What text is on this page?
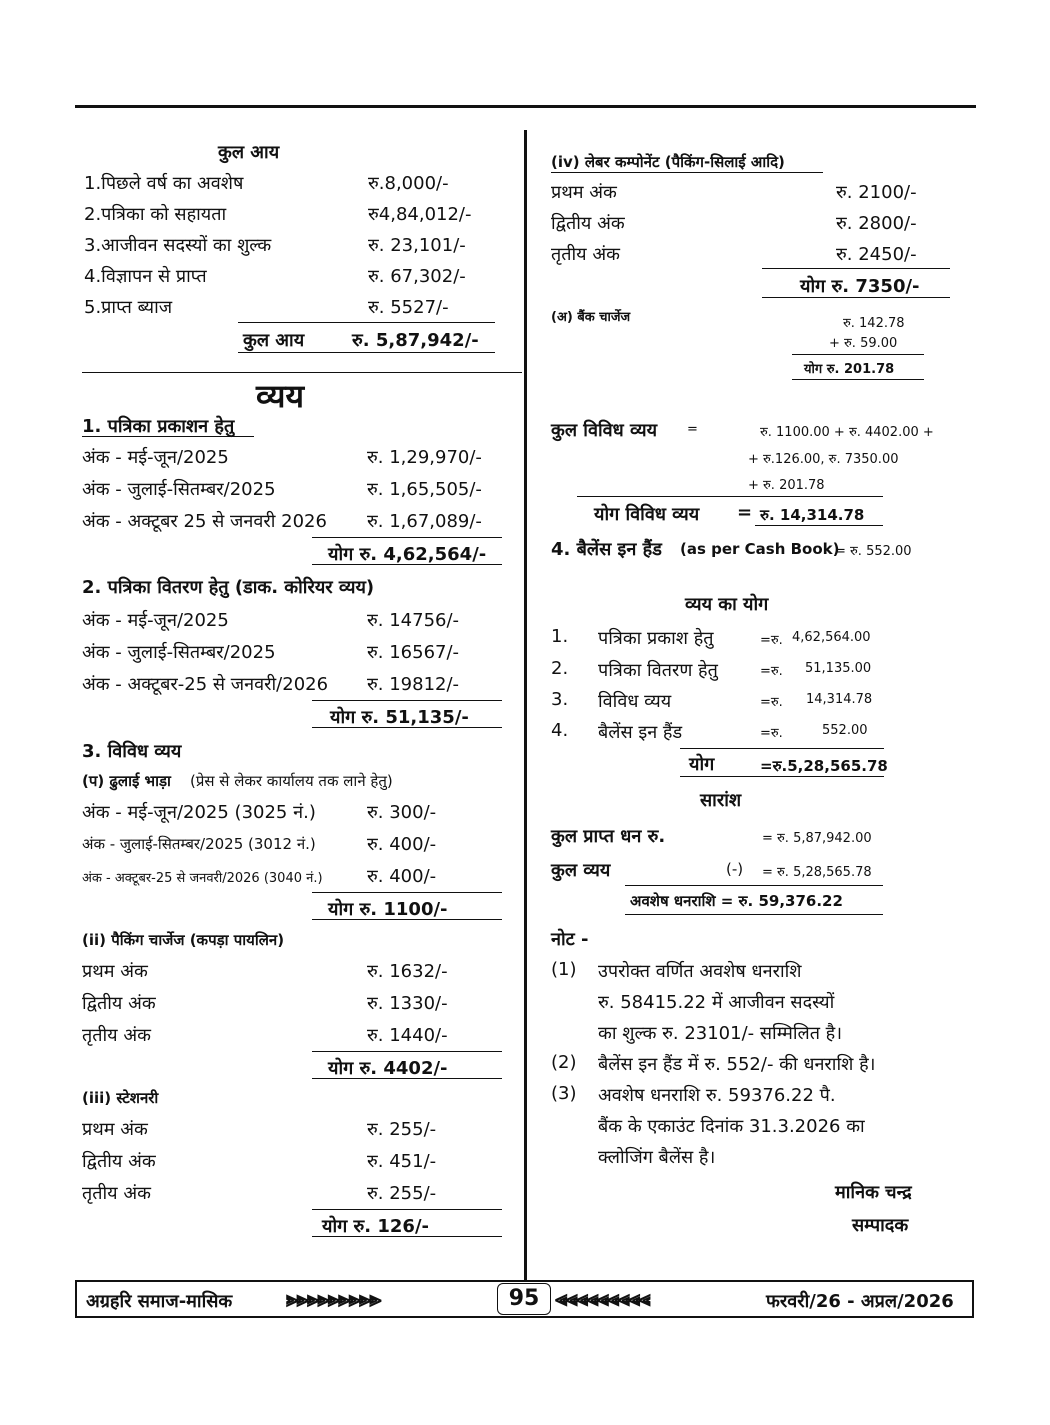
कुल आय
1.पिछले वर्ष का अवशेष	रु.8,000/-
2.पत्रिका को सहायता	रु4,84,012/-
3.आजीवन सदस्यों का शुल्क	रु. 23,101/-
4.विज्ञापन से प्राप्त	रु. 67,302/-
5.प्राप्त ब्याज	रु. 5527/-
कुल आय	रु. 5,87,942/-
व्यय
1. पत्रिका प्रकाशन हेतु
अंक - मई-जून/2025	रु. 1,29,970/-
अंक - जुलाई-सितम्बर/2025	रु. 1,65,505/-
अंक - अक्टूबर 25 से जनवरी 2026 रु. 1,67,089/-
योग रु. 4,62,564/-
2. पत्रिका वितरण हेतु (डाक. कोरियर व्यय)
अंक - मई-जून/2025	रु. 14756/-
अंक - जुलाई-सितम्बर/2025	रु. 16567/-
अंक - अक्टूबर-25 से जनवरी/2026 रु. 19812/-
योग रु. 51,135/-
3. विविध व्यय
(प) ढुलाई भाड़ा (प्रेस से लेकर कार्यालय तक लाने हेतु)
अंक - मई-जून/2025 (3025 नं.)	रु. 300/-
अंक - जुलाई-सितम्बर/2025 (3012 नं.)	रु. 400/-
अंक - अक्टूबर-25 से जनवरी/2026 (3040 नं.) रु. 400/-
योग रु. 1100/-
(ii) पैकिंग चार्जेज (कपड़ा पायलिन)
प्रथम अंक	रु. 1632/-
द्वितीय अंक	रु. 1330/-
तृतीय अंक	रु. 1440/-
योग रु. 4402/-
(iii) स्टेशनरी
प्रथम अंक	रु. 255/-
द्वितीय अंक	रु. 451/-
तृतीय अंक	रु. 255/-
योग रु. 126/-
(iv) लेबर कम्पोनेंट (पैकिंग-सिलाई आदि)
प्रथम अंक	रु. 2100/-
द्वितीय अंक	रु. 2800/-
तृतीय अंक	रु. 2450/-
योग रु. 7350/-
(अ) बैंक चार्जेज	रु. 142.78
+ रु. 59.00
योग रु. 201.78
कुल विविध व्यय =	रु. 1100.00 + रु. 4402.00 +
+ रु.126.00, रु. 7350.00
+ रु. 201.78
योग विविध व्यय = रु. 14,314.78
4. बैलेंस इन हैंड (as per Cash Book)
= रु. 552.00
व्यय का योग
1. पत्रिका प्रकाश हेतु	=रु. 4,62,564.00
2. पत्रिका वितरण हेतु	=रु. 51,135.00
3. विविध व्यय	=रु. 14,314.78
4. बैलेंस इन हैंड	=रु.	552.00
योग	=रु.5,28,565.78
सारांश
कुल प्राप्त धन रु.	= रु. 5,87,942.00
कुल व्यय	(-) = रु. 5,28,565.78
अवशेष धनराशि = रु. 59,376.22
नोट -
(1) उपरोक्त वर्णित अवशेष धनराशि
रु. 58415.22 में आजीवन सदस्यों
का शुल्क रु. 23101/- सम्मिलित है।
(2) बैलेंस इन हैंड में रु. 552/- की धनराशि है।
(3) अवशेष धनराशि रु. 59376.22 पै.
बैंक के एकाउंट दिनांक 31.3.2026 का
क्लोजिंग बैलेंस है।
मानिक चन्द्र
सम्पादक
अग्रहरि समाज-मासिक ⫸⫸⫸⫸⫸⫸⫸⫸⫸	95 ⫷⫷⫷⫷⫷⫷⫷⫷⫷	फरवरी/26 - अप्रल/2026
